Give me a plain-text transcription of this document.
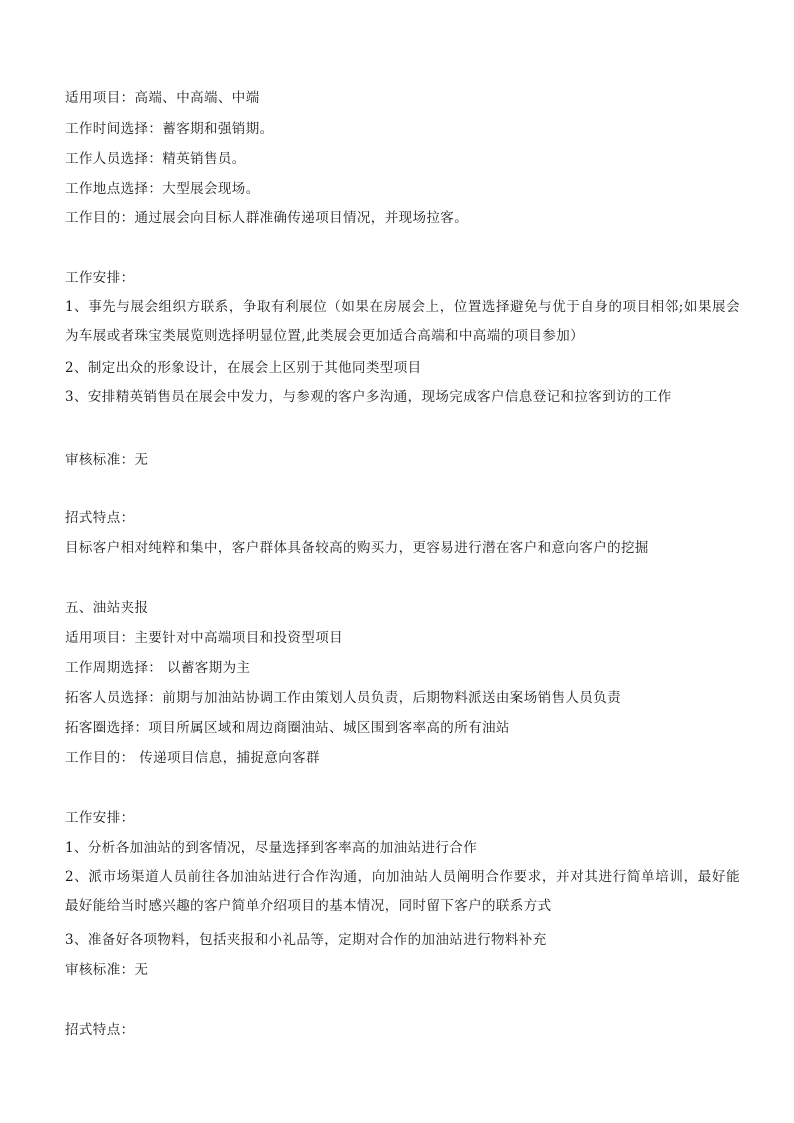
适用项目：高端、中高端、中端
工作时间选择：蓄客期和强销期。
工作人员选择：精英销售员。
工作地点选择：大型展会现场。
工作目的：通过展会向目标人群准确传递项目情况，并现场拉客。
工作安排：
1、事先与展会组织方联系，争取有利展位（如果在房展会上，位置选择避免与优于自身的项目相邻;如果展会为车展或者珠宝类展览则选择明显位置,此类展会更加适合高端和中高端的项目参加）
2、制定出众的形象设计，在展会上区别于其他同类型项目
3、安排精英销售员在展会中发力，与参观的客户多沟通，现场完成客户信息登记和拉客到访的工作
审核标准：无
招式特点：
目标客户相对纯粹和集中，客户群体具备较高的购买力，更容易进行潜在客户和意向客户的挖掘
五、油站夹报
适用项目：主要针对中高端项目和投资型项目
工作周期选择： 以蓄客期为主
拓客人员选择：前期与加油站协调工作由策划人员负责，后期物料派送由案场销售人员负责
拓客圈选择：项目所属区域和周边商圈油站、城区围到客率高的所有油站
工作目的： 传递项目信息，捕捉意向客群
工作安排：
1、分析各加油站的到客情况，尽量选择到客率高的加油站进行合作
2、派市场渠道人员前往各加油站进行合作沟通，向加油站人员阐明合作要求，并对其进行简单培训，最好能最好能给当时感兴趣的客户简单介绍项目的基本情况，同时留下客户的联系方式
3、准备好各项物料，包括夹报和小礼品等，定期对合作的加油站进行物料补充
审核标准：无
招式特点：
